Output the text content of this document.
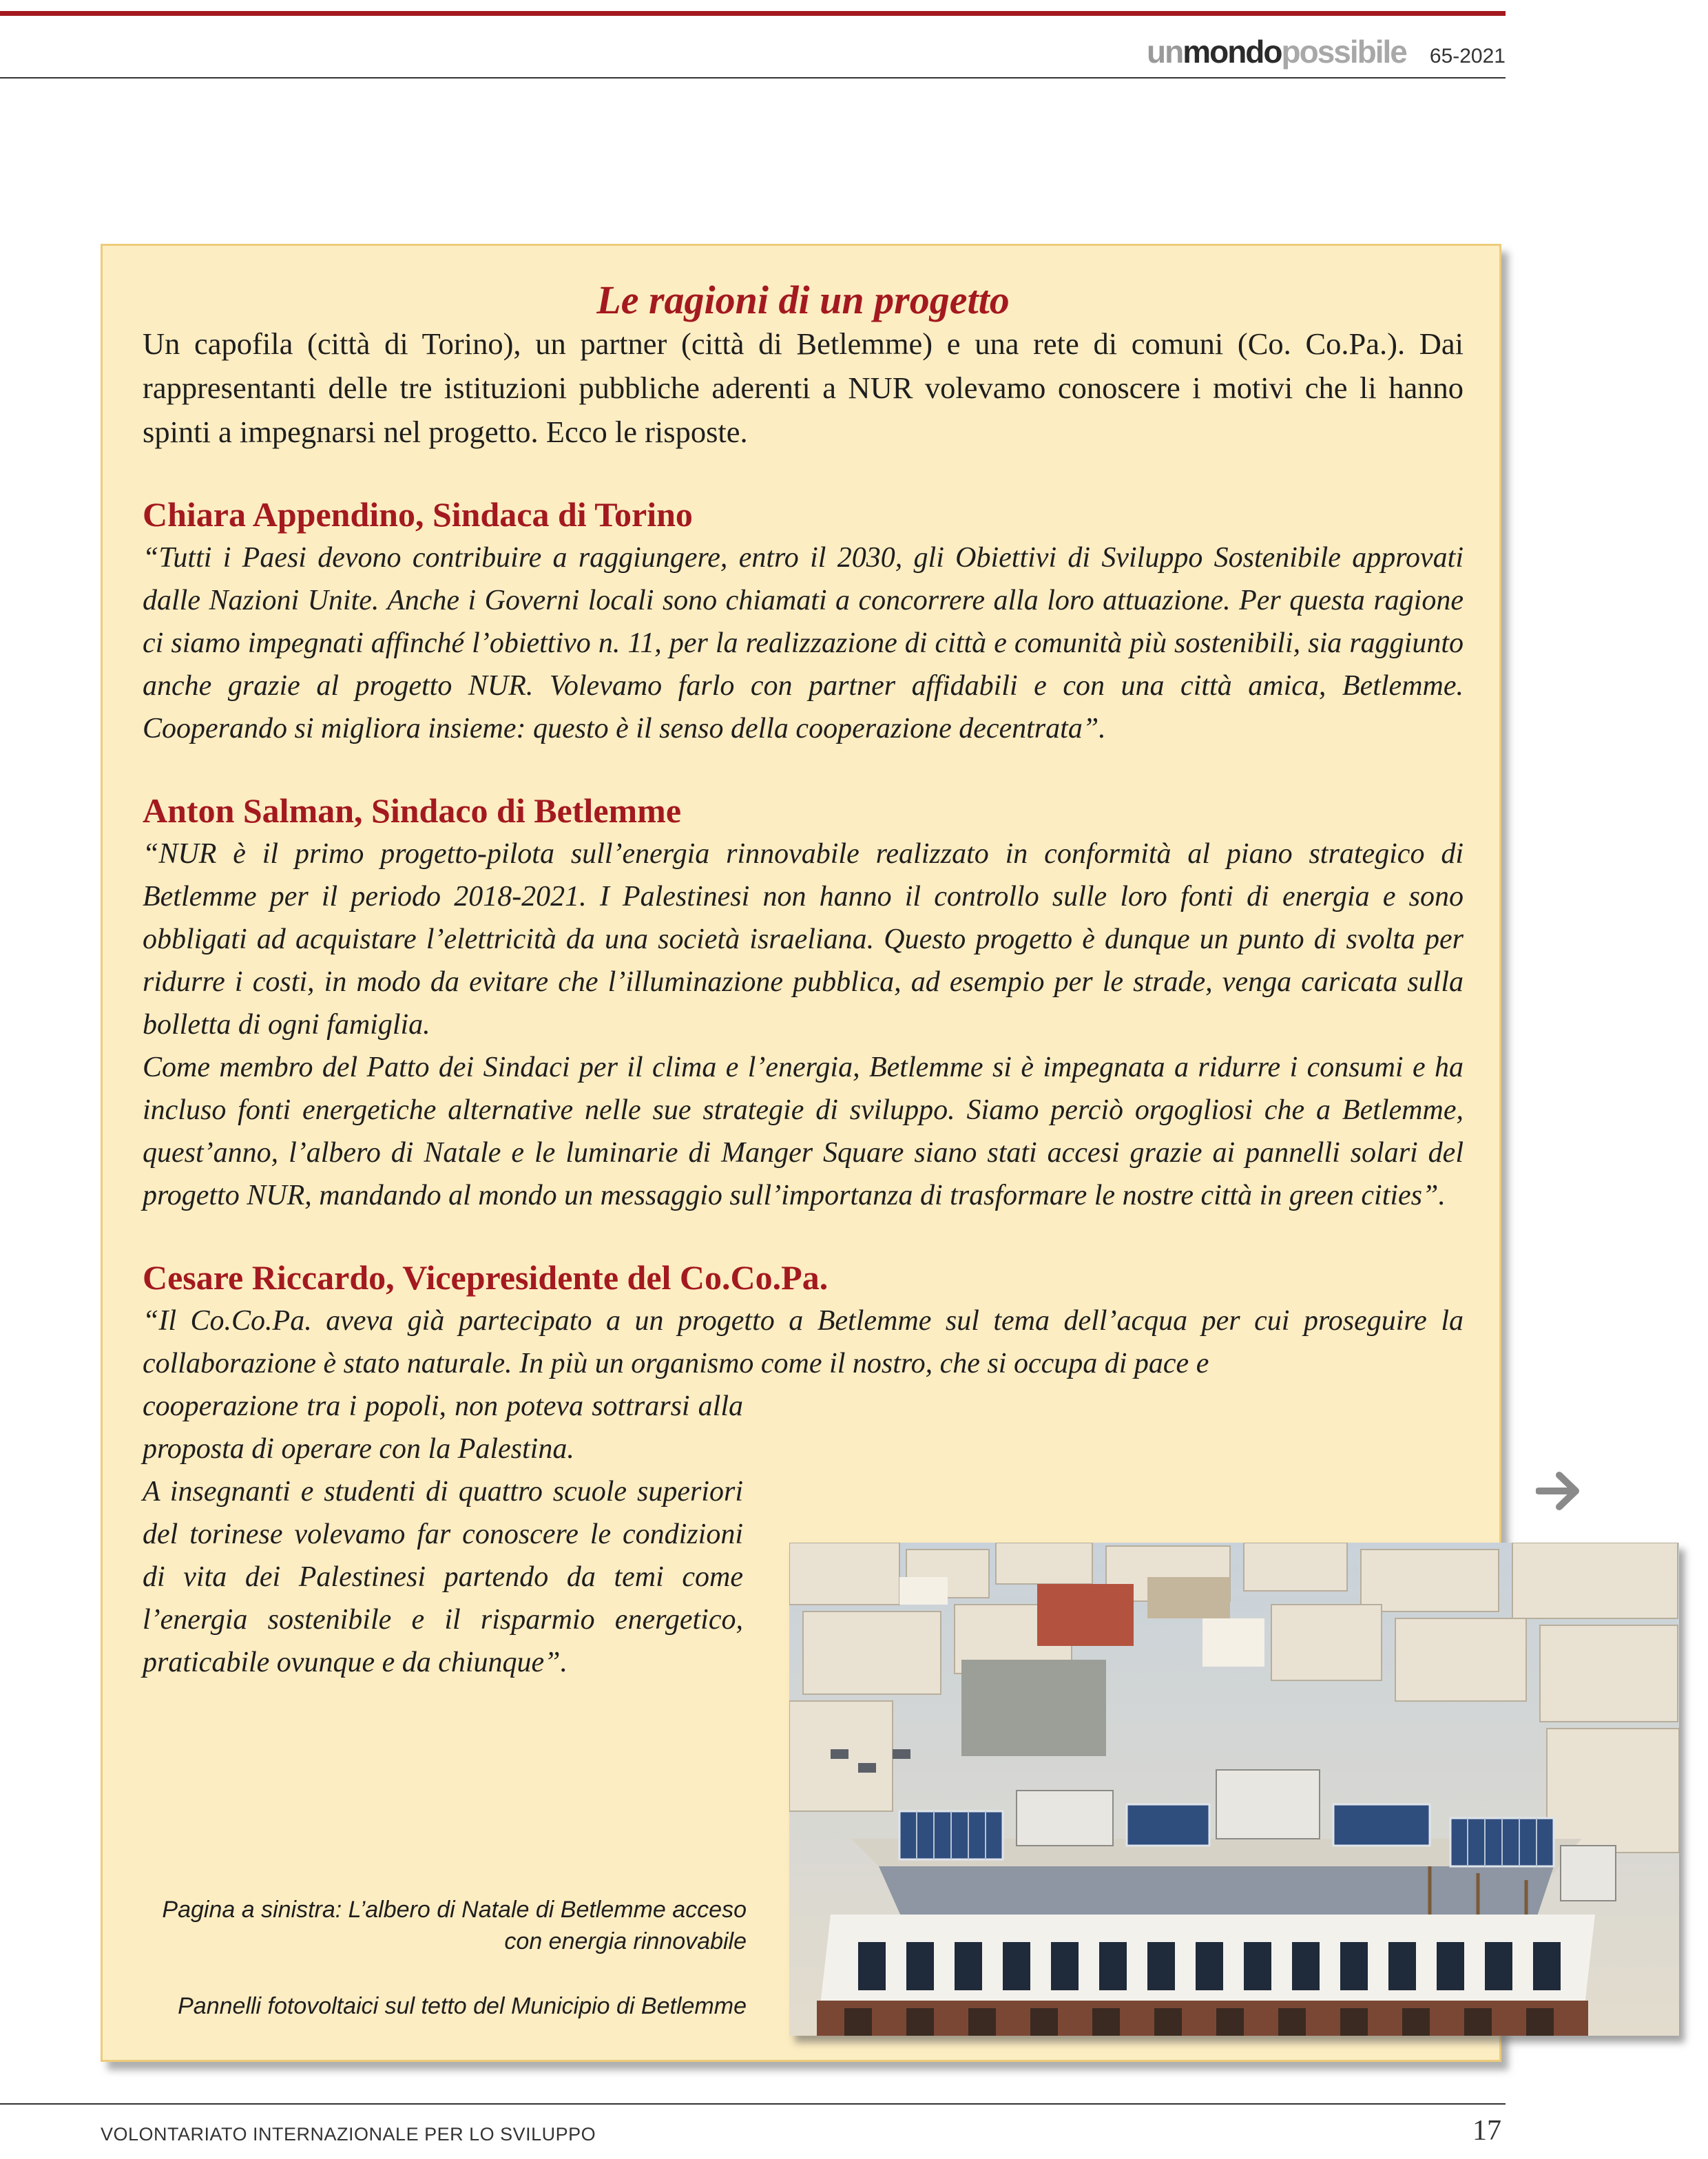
unmondopossibile 65-2021
Le ragioni di un progetto

Un capofila (città di Torino), un partner (città di Betlemme) e una rete di comuni (Co. Co.Pa.). Dai rappresentanti delle tre istituzioni pubbliche aderenti a NUR volevamo conoscere i motivi che li hanno spinti a impegnarsi nel progetto. Ecco le risposte.

Chiara Appendino, Sindaca di Torino

“Tutti i Paesi devono contribuire a raggiungere, entro il 2030, gli Obiettivi di Sviluppo Sostenibile approvati dalle Nazioni Unite. Anche i Governi locali sono chiamati a concorrere alla loro attuazione. Per questa ragione ci siamo impegnati affinché l’obiettivo n. 11, per la realizzazione di città e comunità più sostenibili, sia raggiunto anche grazie al progetto NUR. Volevamo farlo con partner affidabili e con una città amica, Betlemme. Cooperando si migliora insieme: questo è il senso della cooperazione decentrata”.

Anton Salman, Sindaco di Betlemme

“NUR è il primo progetto-pilota sull’energia rinnovabile realizzato in conformità al piano strategico di Betlemme per il periodo 2018-2021. I Palestinesi non hanno il controllo sulle loro fonti di energia e sono obbligati ad acquistare l’elettricità da una società israeliana. Questo progetto è dunque un punto di svolta per ridurre i costi, in modo da evitare che l’illuminazione pubblica, ad esempio per le strade, venga caricata sulla bolletta di ogni famiglia.

Come membro del Patto dei Sindaci per il clima e l’energia, Betlemme si è impegnata a ridurre i consumi e ha incluso fonti energetiche alternative nelle sue strategie di sviluppo. Siamo perciò orgogliosi che a Betlemme, quest’anno, l’albero di Natale e le luminarie di Manger Square siano stati accesi grazie ai pannelli solari del progetto NUR, mandando al mondo un messaggio sull’importanza di trasformare le nostre città in green cities”.

Cesare Riccardo, Vicepresidente del Co.Co.Pa.

“Il Co.Co.Pa. aveva già partecipato a un progetto a Betlemme sul tema dell’acqua per cui proseguire la collaborazione è stato naturale. In più un organismo come il nostro, che si occupa di pace e

cooperazione tra i popoli, non poteva sottrarsi alla proposta di operare con la Palestina.

A insegnanti e studenti di quattro scuole superiori del torinese volevamo far conoscere le condizioni di vita dei Palestinesi partendo da temi come l’energia sostenibile e il risparmio energetico, praticabile ovunque e da chiunque”.

Pagina a sinistra: L’albero di Natale di Betlemme acceso con energia rinnovabile

Pannelli fotovoltaici sul tetto del Municipio di Betlemme

VOLONTARIATO INTERNAZIONALE PER LO SVILUPPO	17
